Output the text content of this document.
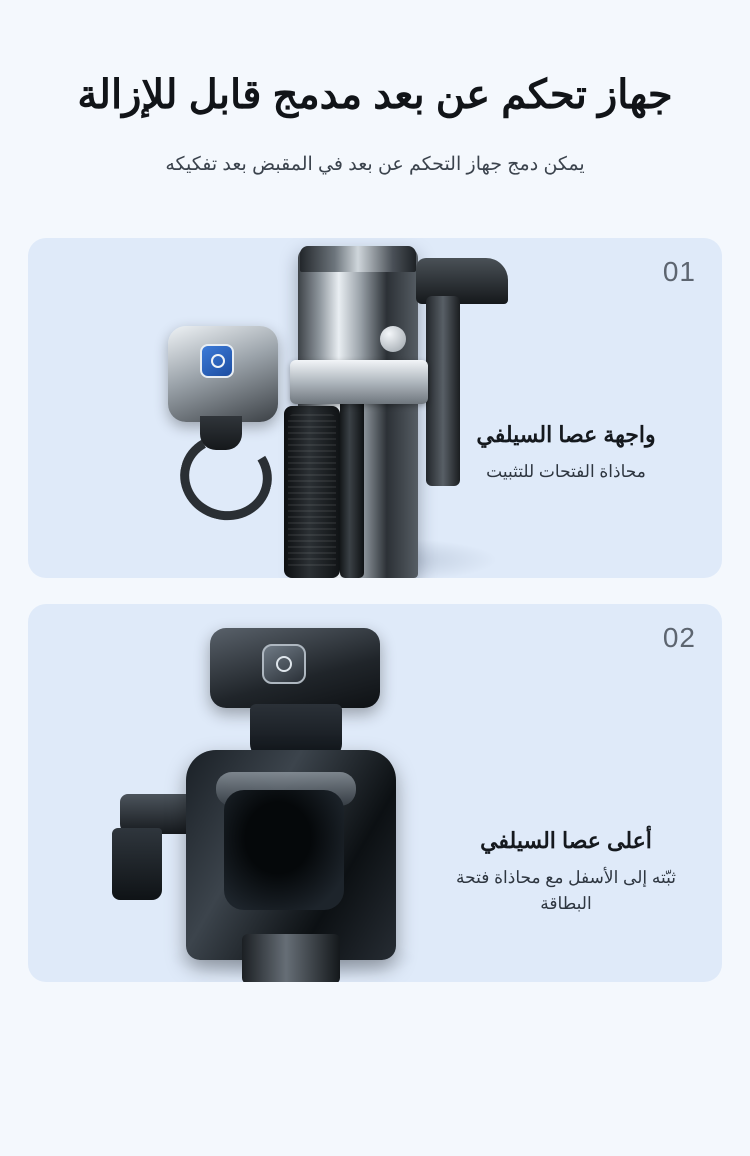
جهاز تحكم عن بعد مدمج قابل للإزالة
يمكن دمج جهاز التحكم عن بعد في المقبض بعد تفكيكه
01
واجهة عصا السيلفي
محاذاة الفتحات للتثبيت
02
أعلى عصا السيلفي
ثبّته إلى الأسفل مع محاذاة فتحة البطاقة
